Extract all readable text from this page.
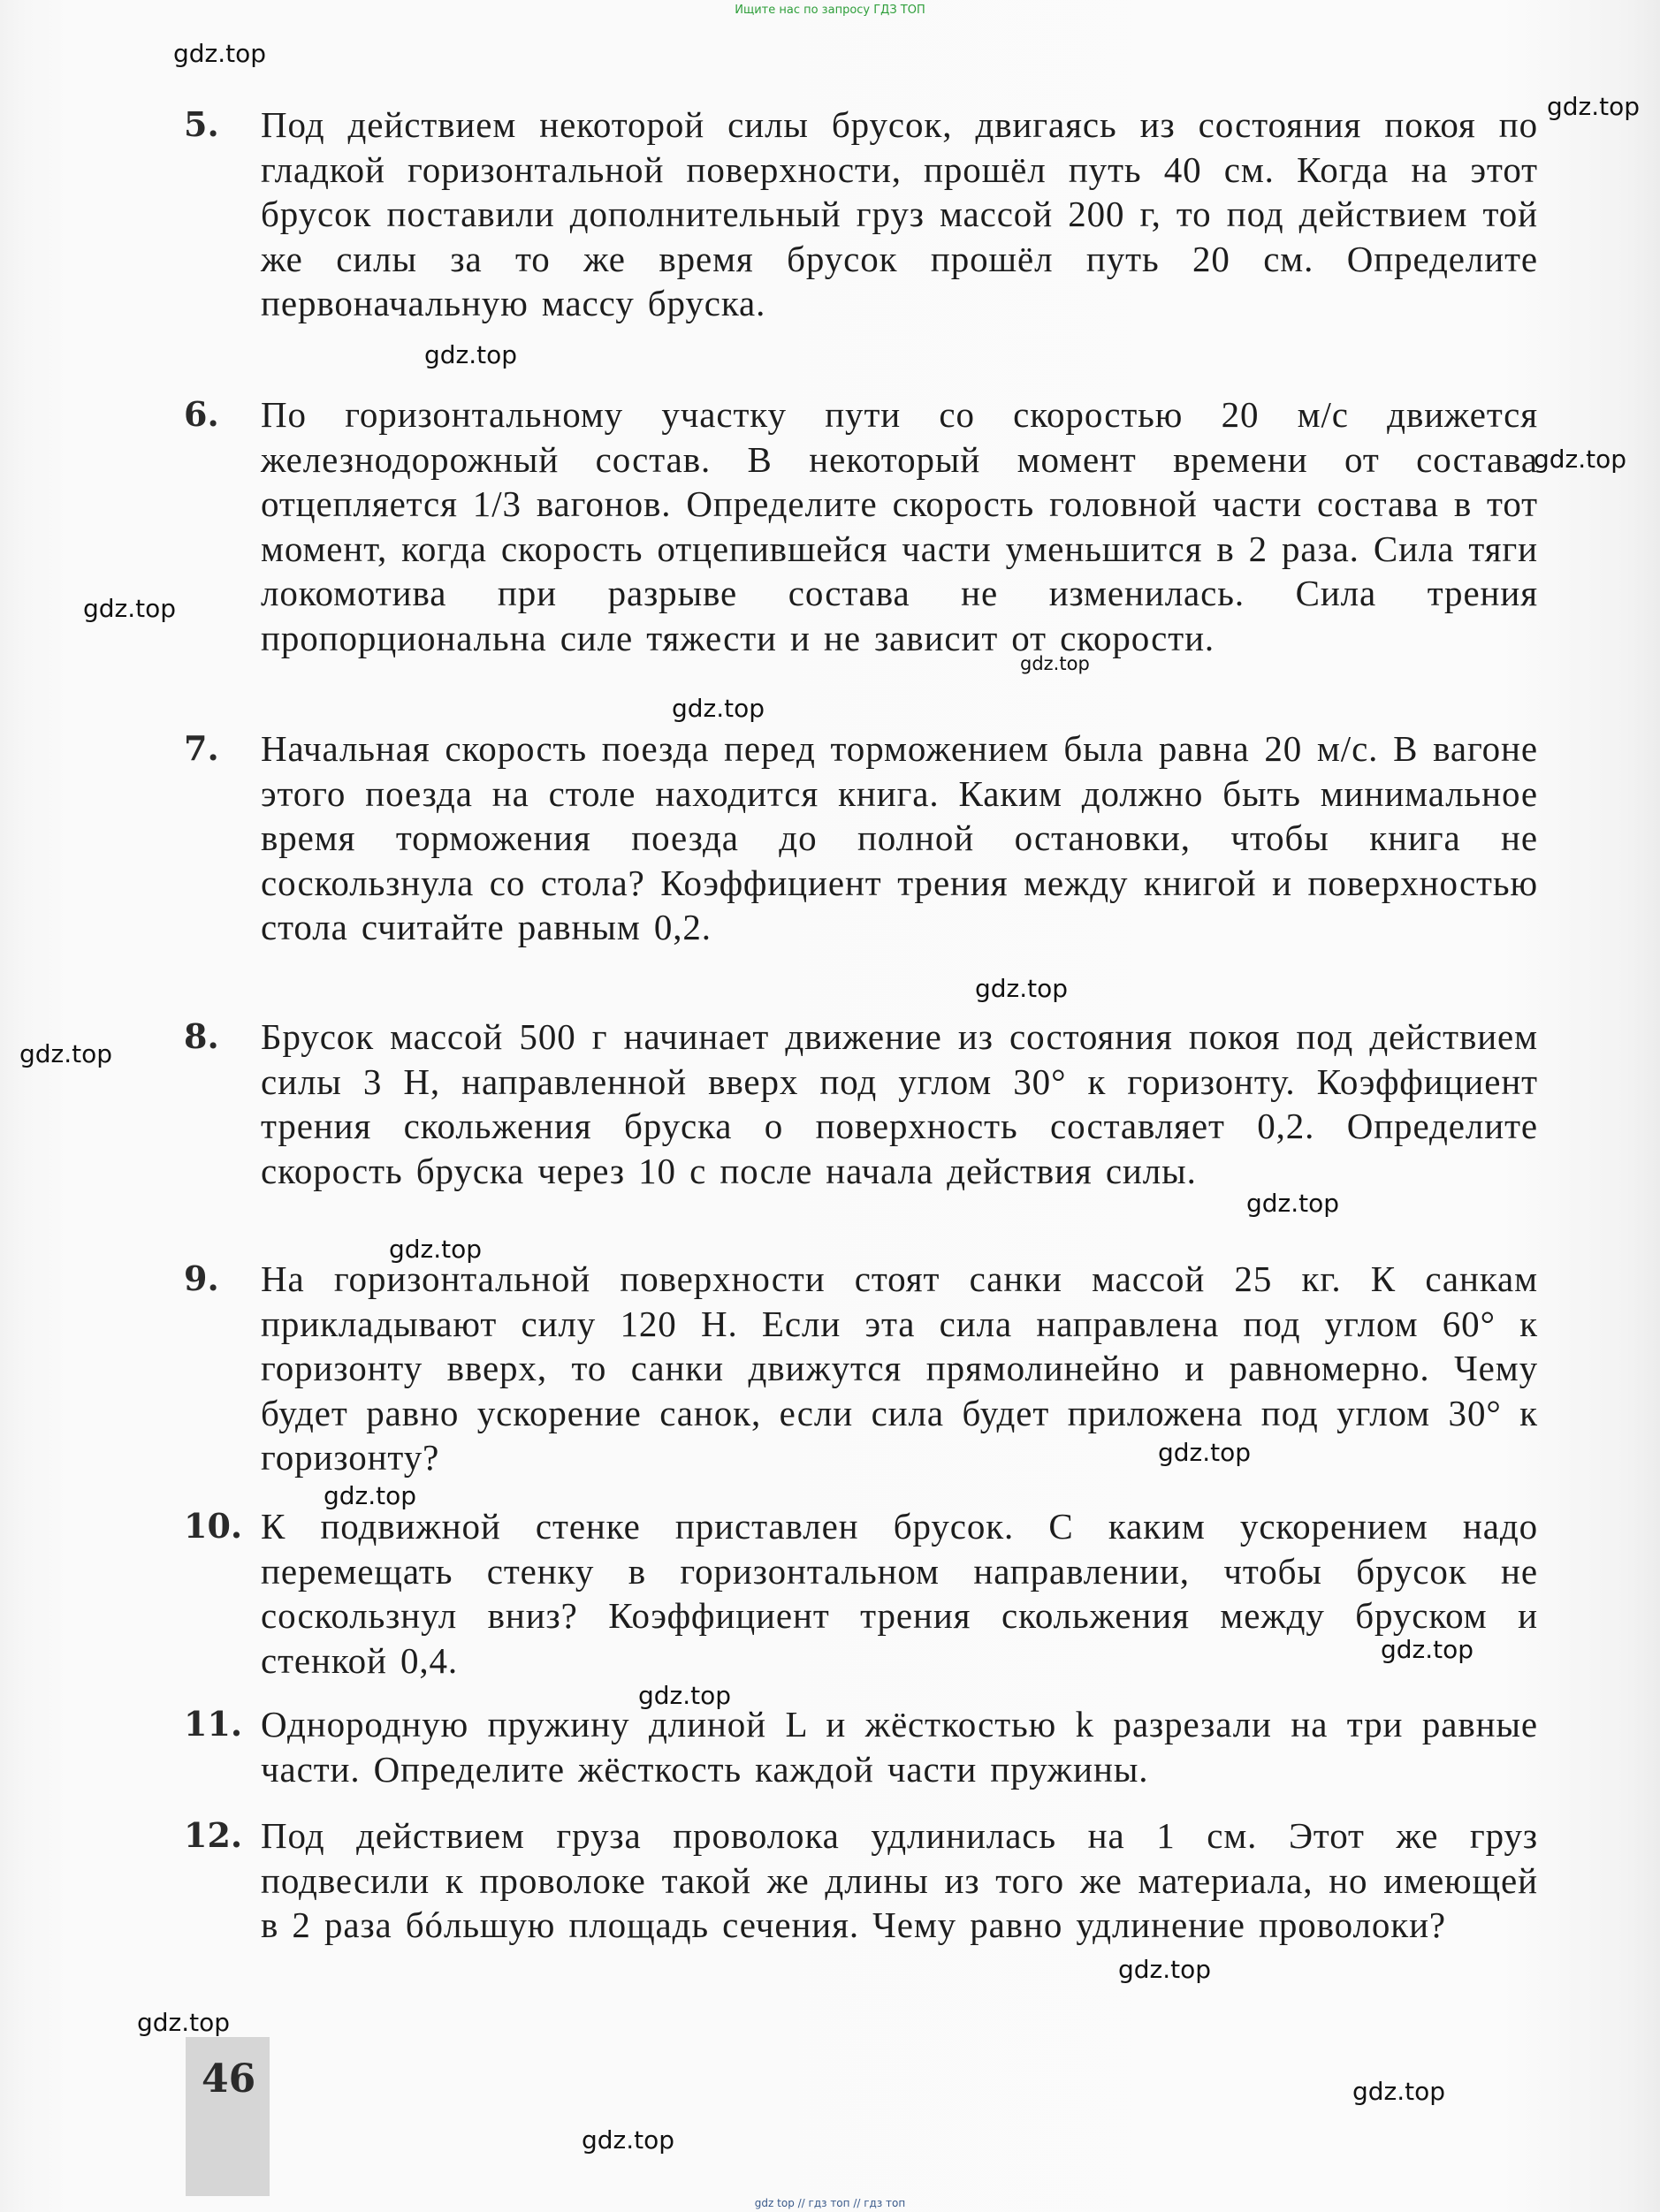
Ищите нас по запросу ГДЗ ТОП
gdz.top
gdz.top
gdz.top
gdz.top
gdz.top
gdz.top
gdz.top
gdz.top
gdz.top
gdz.top
gdz.top
gdz.top
gdz.top
gdz.top
gdz.top
gdz.top
gdz.top
gdz.top
gdz.top
5.	Под действием некоторой силы брусок, двигаясь из состояния покоя по гладкой горизонтальной поверхности, прошёл путь 40 см. Когда на этот брусок поставили дополнительный груз массой 200 г, то под действием той же силы за то же время брусок прошёл путь 20 см. Определите первоначальную массу бруска.
6.	По горизонтальному участку пути со скоростью 20 м/с движется железнодорожный состав. В некоторый момент времени от состава отцепляется 1/3 вагонов. Определите скорость головной части состава в тот момент, когда скорость отцепившейся части уменьшится в 2 раза. Сила тяги локомотива при разрыве состава не изменилась. Сила трения пропорциональна силе тяжести и не зависит от скорости.
7.	Начальная скорость поезда перед торможением была равна 20 м/с. В вагоне этого поезда на столе находится книга. Каким должно быть минимальное время торможения поезда до полной остановки, чтобы книга не соскользнула со стола? Коэффициент трения между книгой и поверхностью стола считайте равным 0,2.
8.	Брусок массой 500 г начинает движение из состояния покоя под действием силы 3 Н, направленной вверх под углом 30° к горизонту. Коэффициент трения скольжения бруска о поверхность составляет 0,2. Определите скорость бруска через 10 с после начала действия силы.
9.	На горизонтальной поверхности стоят санки массой 25 кг. К санкам прикладывают силу 120 Н. Если эта сила направлена под углом 60° к горизонту вверх, то санки движутся прямолинейно и равномерно. Чему будет равно ускорение санок, если сила будет приложена под углом 30° к горизонту?
10. К подвижной стенке приставлен брусок. С каким ускорением надо перемещать стенку в горизонтальном направлении, чтобы брусок не соскользнул вниз? Коэффициент трения скольжения между бруском и стенкой 0,4.
11. Однородную пружину длиной L и жёсткостью k разрезали на три равные части. Определите жёсткость каждой части пружины.
12. Под действием груза проволока удлинилась на 1 см. Этот же груз подвесили к проволоке такой же длины из того же материала, но имеющей в 2 раза бóльшую площадь сечения. Чему равно удлинение проволоки?
46
gdz top // гдз топ // гдз топ
